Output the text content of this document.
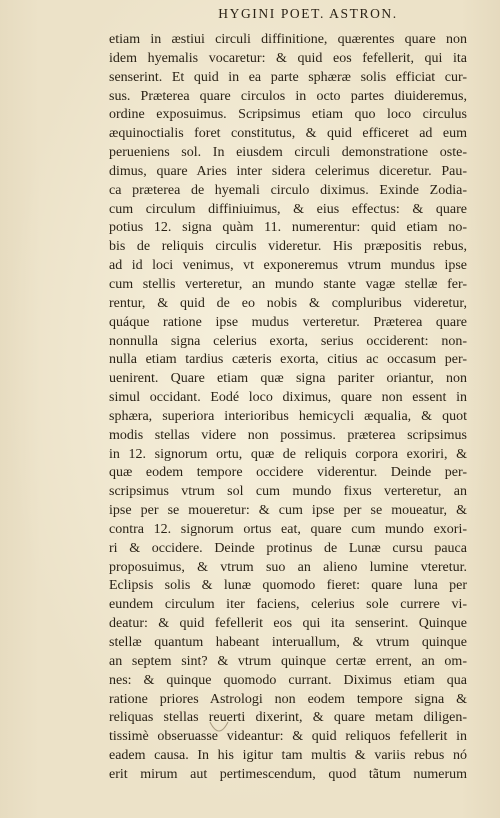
HYGINI POET. ASTRON.
etiam in æstiui circuli diffinitione, quærentes quare non
idem hyemalis vocaretur: & quid eos fefellerit, qui ita
senserint. Et quid in ea parte sphæræ solis efficiat cur-
sus. Præterea quare circulos in octo partes diuideremus,
ordine exposuimus. Scripsimus etiam quo loco circulus
æquinoctialis foret constitutus, & quid efficeret ad eum
perueniens sol. In eiusdem circuli demonstratione oste-
dimus, quare Aries inter sidera celerimus diceretur. Pau-
ca præterea de hyemali circulo diximus. Exinde Zodia-
cum circulum diffiniuimus, & eius effectus: & quare
potius 12. signa quàm 11. numerentur: quid etiam no-
bis de reliquis circulis videretur. His præpositis rebus,
ad id loci venimus, vt exponeremus vtrum mundus ipse
cum stellis verteretur, an mundo stante vagæ stellæ fer-
rentur, & quid de eo nobis & compluribus videretur,
quáque ratione ipse mudus verteretur. Præterea quare
nonnulla signa celerius exorta, serius occiderent: non-
nulla etiam tardius cæteris exorta, citius ac occasum per-
uenirent. Quare etiam quæ signa pariter oriantur, non
simul occidant. Eodé loco diximus, quare non essent in
sphæra, superiora interioribus hemicycli æqualia, & quot
modis stellas videre non possimus. præterea scripsimus
in 12. signorum ortu, quæ de reliquis corpora exoriri, &
quæ eodem tempore occidere viderentur. Deinde per-
scripsimus vtrum sol cum mundo fixus verteretur, an
ipse per se moueretur: & cum ipse per se moueatur, &
contra 12. signorum ortus eat, quare cum mundo exori-
ri & occidere. Deinde protinus de Lunæ cursu pauca
proposuimus, & vtrum suo an alieno lumine vteretur.
Eclipsis solis & lunæ quomodo fieret: quare luna per
eundem circulum iter faciens, celerius sole currere vi-
deatur: & quid fefellerit eos qui ita senserint. Quinque
stellæ quantum habeant interuallum, & vtrum quinque
an septem sint? & vtrum quinque certæ errent, an om-
nes: & quinque quomodo currant. Diximus etiam qua
ratione priores Astrologi non eodem tempore signa &
reliquas stellas reuerti dixerint, & quare metam diligen-
tissimè obseruasse videantur: & quid reliquos fefellerit in
eadem causa. In his igitur tam multis & variis rebus nó
erit mirum aut pertimescendum, quod tãtum numerum
